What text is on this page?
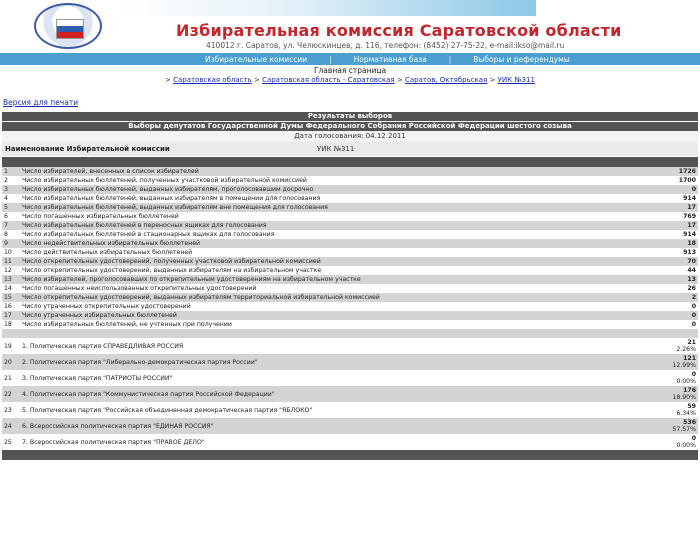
Избирательная комиссия Саратовской области
410012 г. Саратов, ул. Челюскинцев, д. 116, телефон: (8452) 27-75-22, e-mail:ikso@mail.ru
Избирательные комиссии	|	Нормативная база	|	Выборы и референдумы
Главная страница
> Саратовская область > Саратовская область - Саратовская > Саратов, Октябрьская > УИК №311
Версия для печати
Результаты выборов
Выборы депутатов Государственной Думы Федерального Собрания Российской Федерации шестого созыва
Дата голосования: 04.12.2011
Наименование Избирательной комиссии	УИК №311
1	Число избирателей, внесенных в список избирателей	1726
2	Число избирательных бюллетеней, полученных участковой избирательной комиссией	1700
3	Число избирательных бюллетеней, выданных избирателям, проголосовавшим досрочно	0
4	Число избирательных бюллетеней, выданных избирателям в помещении для голосования	914
5	Число избирательных бюллетеней, выданных избирателям вне помещения для голосования	17
6	Число погашенных избирательных бюллетеней	769
7	Число избирательных бюллетеней в переносных ящиках для голосования	17
8	Число избирательных бюллетеней в стационарных ящиках для голосования	914
9	Число недействительных избирательных бюллетеней	18
10	Число действительных избирательных бюллетеней	913
11	Число открепительных удостоверений, полученных участковой избирательной комиссией	70
12	Число открепительных удостоверений, выданных избирателям на избирательном участке	44
13	Число избирателей, проголосовавших по открепительным удостоверениям на избирательном участке	13
14	Число погашенных неиспользованных открепительных удостоверений	26
15	Число открепительных удостоверений, выданных избирателям территориальной избирательной комиссией	2
16	Число утраченных открепительных удостоверений	0
17	Число утраченных избирательных бюллетеней	0
18	Число избирательных бюллетеней, не учтенных при получении	0
19	1. Политическая партия СПРАВЕДЛИВАЯ РОССИЯ	21
2.26%

20	2. Политическая партия "Либерально-демократическая партия России"	121
12.99%

21	3. Политическая партия "ПАТРИОТЫ РОССИИ"	0
0.00%

22	4. Политическая партия "Коммунистическая партия Российской Федерации"	176
18.90%

23	5. Политическая партия "Российская объединенная демократическая партия "ЯБЛОКО"	59
6.34%

24	6. Всероссийская политическая партия "ЕДИНАЯ РОССИЯ"	536
57.57%

25	7. Всероссийская политическая партия "ПРАВОЕ ДЕЛО"	0
0.00%
